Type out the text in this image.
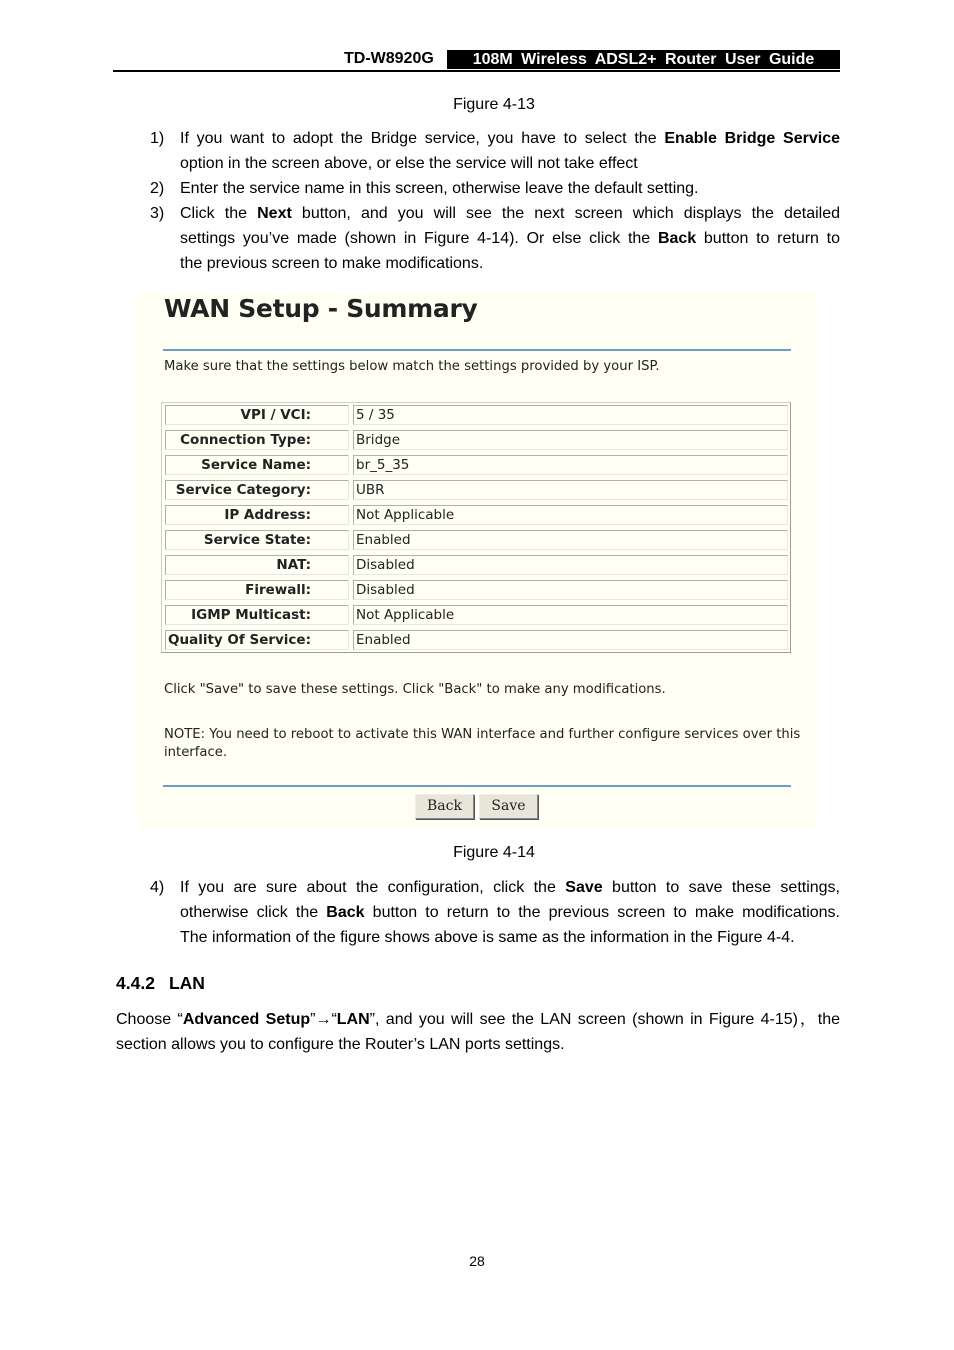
TD-W8920G	108M Wireless ADSL2+ Router User Guide
Figure 4-13
1) If you want to adopt the Bridge service, you have to select the Enable Bridge Service
option in the screen above, or else the service will not take effect
2) Enter the service name in this screen, otherwise leave the default setting.
3) Click the Next button, and you will see the next screen which displays the detailed
settings you’ve made (shown in Figure 4-14). Or else click the Back button to return to
the previous screen to make modifications.
WAN Setup - Summary
Make sure that the settings below match the settings provided by your ISP.
VPI / VCI:	5 / 35
Connection Type:	Bridge
Service Name:	br_5_35
Service Category:	UBR
IP Address:	Not Applicable
Service State:	Enabled
NAT:	Disabled
Firewall:	Disabled
IGMP Multicast:	Not Applicable
Quality Of Service:	Enabled
Click "Save" to save these settings. Click "Back" to make any modifications.
NOTE: You need to reboot to activate this WAN interface and further configure services over this
interface.
Back	Save
Figure 4-14
4) If you are sure about the configuration, click the Save button to save these settings,
otherwise click the Back button to return to the previous screen to make modifications.
The information of the figure shows above is same as the information in the Figure 4-4.
4.4.2 LAN
Choose “Advanced Setup”→“LAN”, and you will see the LAN screen (shown in Figure 4-15)，the
section allows you to configure the Router’s LAN ports settings.
28
